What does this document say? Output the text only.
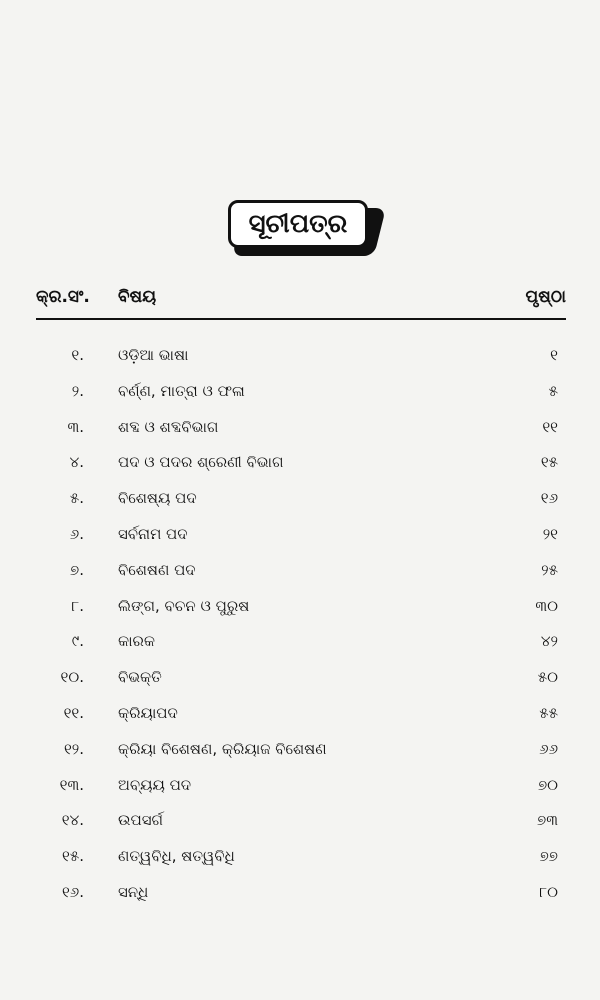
ସୂଚୀପତ୍ର
କ୍ର.ସଂ. ବିଷୟ	ପୃଷ୍ଠା
୧. ଓଡ଼ିଆ ଭାଷା	୧
୨. ବର୍ଣ୍ଣ, ମାତ୍ରା ଓ ଫଳା	୫
୩. ଶବ୍ଦ ଓ ଶବ୍ଦବିଭାଗ	୧୧
୪. ପଦ ଓ ପଦର ଶ୍ରେଣୀ ବିଭାଗ	୧୫
୫. ବିଶେଷ୍ୟ ପଦ	୧୬
୬. ସର୍ବନାମ ପଦ	୨୧
୭. ବିଶେଷଣ ପଦ	୨୫
୮. ଲିଙ୍ଗ, ବଚନ ଓ ପୁରୁଷ	୩୦
୯. କାରକ	୪୨
୧୦. ବିଭକ୍ତି	୫୦
୧୧. କ୍ରିୟାପଦ	୫୫
୧୨. କ୍ରିୟା ବିଶେଷଣ, କ୍ରିୟାଜ ବିଶେଷଣ	୬୬
୧୩. ଅବ୍ୟୟ ପଦ	୭୦
୧୪. ଉପସର୍ଗ	୭୩
୧୫. ଣତ୍ୱବିଧି, ଷତ୍ୱବିଧି	୭୭
୧୬. ସନ୍ଧି	୮୦
